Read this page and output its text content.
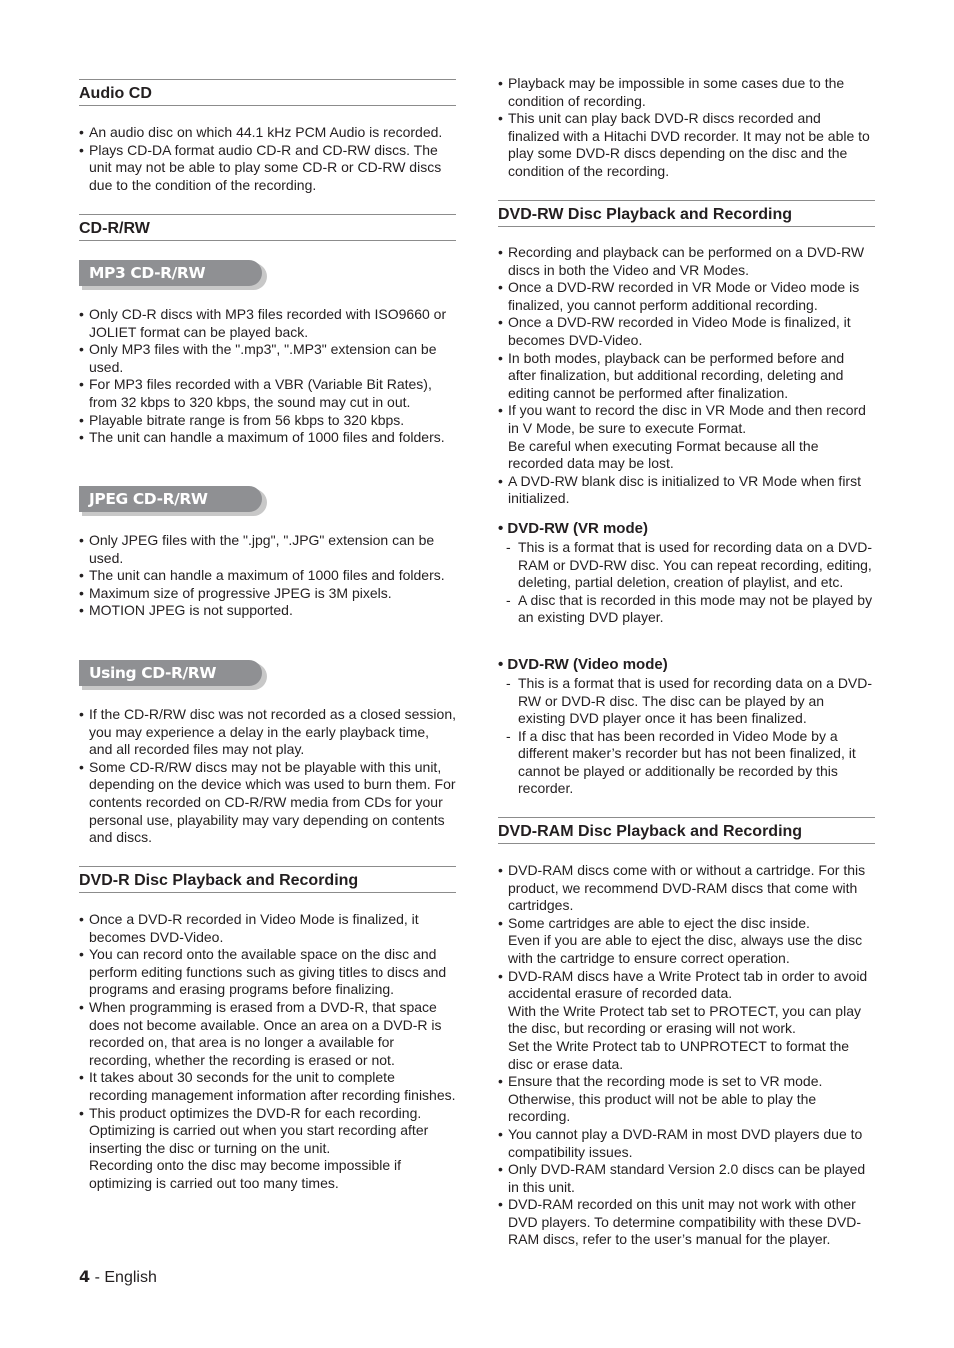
Audio CD
• An audio disc on which 44.1 kHz PCM Audio is recorded.
• Plays CD-DA format audio CD-R and CD-RW discs. The unit may not be able to play some CD-R or CD-RW discs due to the condition of the recording.
CD-R/RW
MP3 CD-R/RW
• Only CD-R discs with MP3 files recorded with ISO9660 or JOLIET format can be played back.
• Only MP3 files with the ".mp3", ".MP3" extension can be used.
• For MP3 files recorded with a VBR (Variable Bit Rates), from 32 kbps to 320 kbps, the sound may cut in out.
• Playable bitrate range is from 56 kbps to 320 kbps.
• The unit can handle a maximum of 1000 files and folders.
JPEG CD-R/RW
• Only JPEG files with the ".jpg", ".JPG" extension can be used.
• The unit can handle a maximum of 1000 files and folders.
• Maximum size of progressive JPEG is 3M pixels.
• MOTION JPEG is not supported.
Using CD-R/RW
• If the CD-R/RW disc was not recorded as a closed session, you may experience a delay in the early playback time, and all recorded files may not play.
• Some CD-R/RW discs may not be playable with this unit, depending on the device which was used to burn them. For contents recorded on CD-R/RW media from CDs for your personal use, playability may vary depending on contents and discs.
DVD-R Disc Playback and Recording
• Once a DVD-R recorded in Video Mode is finalized, it becomes DVD-Video.
• You can record onto the available space on the disc and perform editing functions such as giving titles to discs and programs and erasing programs before finalizing.
• When programming is erased from a DVD-R, that space does not become available. Once an area on a DVD-R is recorded on, that area is no longer a available for recording, whether the recording is erased or not.
• It takes about 30 seconds for the unit to complete recording management information after recording finishes.
• This product optimizes the DVD-R for each recording. Optimizing is carried out when you start recording after inserting the disc or turning on the unit.
Recording onto the disc may become impossible if optimizing is carried out too many times.
• Playback may be impossible in some cases due to the condition of recording.
• This unit can play back DVD-R discs recorded and finalized with a Hitachi DVD recorder. It may not be able to play some DVD-R discs depending on the disc and the condition of the recording.
DVD-RW Disc Playback and Recording
• Recording and playback can be performed on a DVD-RW discs in both the Video and VR Modes.
• Once a DVD-RW recorded in VR Mode or Video mode is finalized, you cannot perform additional recording.
• Once a DVD-RW recorded in Video Mode is finalized, it becomes DVD-Video.
• In both modes, playback can be performed before and after finalization, but additional recording, deleting and editing cannot be performed after finalization.
• If you want to record the disc in VR Mode and then record in V Mode, be sure to execute Format.
Be careful when executing Format because all the recorded data may be lost.
• A DVD-RW blank disc is initialized to VR Mode when first initialized.
• DVD-RW (VR mode)
- This is a format that is used for recording data on a DVD-RAM or DVD-RW disc. You can repeat recording, editing, deleting, partial deletion, creation of playlist, and etc.
- A disc that is recorded in this mode may not be played by an existing DVD player.
• DVD-RW (Video mode)
- This is a format that is used for recording data on a DVD-RW or DVD-R disc. The disc can be played by an existing DVD player once it has been finalized.
- If a disc that has been recorded in Video Mode by a different maker’s recorder but has not been finalized, it cannot be played or additionally be recorded by this recorder.
DVD-RAM Disc Playback and Recording
• DVD-RAM discs come with or without a cartridge. For this product, we recommend DVD-RAM discs that come with cartridges.
• Some cartridges are able to eject the disc inside.
Even if you are able to eject the disc, always use the disc with the cartridge to ensure correct operation.
• DVD-RAM discs have a Write Protect tab in order to avoid accidental erasure of recorded data.
With the Write Protect tab set to PROTECT, you can play the disc, but recording or erasing will not work.
Set the Write Protect tab to UNPROTECT to format the disc or erase data.
• Ensure that the recording mode is set to VR mode. Otherwise, this product will not be able to play the recording.
• You cannot play a DVD-RAM in most DVD players due to compatibility issues.
• Only DVD-RAM standard Version 2.0 discs can be played in this unit.
• DVD-RAM recorded on this unit may not work with other DVD players. To determine compatibility with these DVD-RAM discs, refer to the user’s manual for the player.
4 - English
